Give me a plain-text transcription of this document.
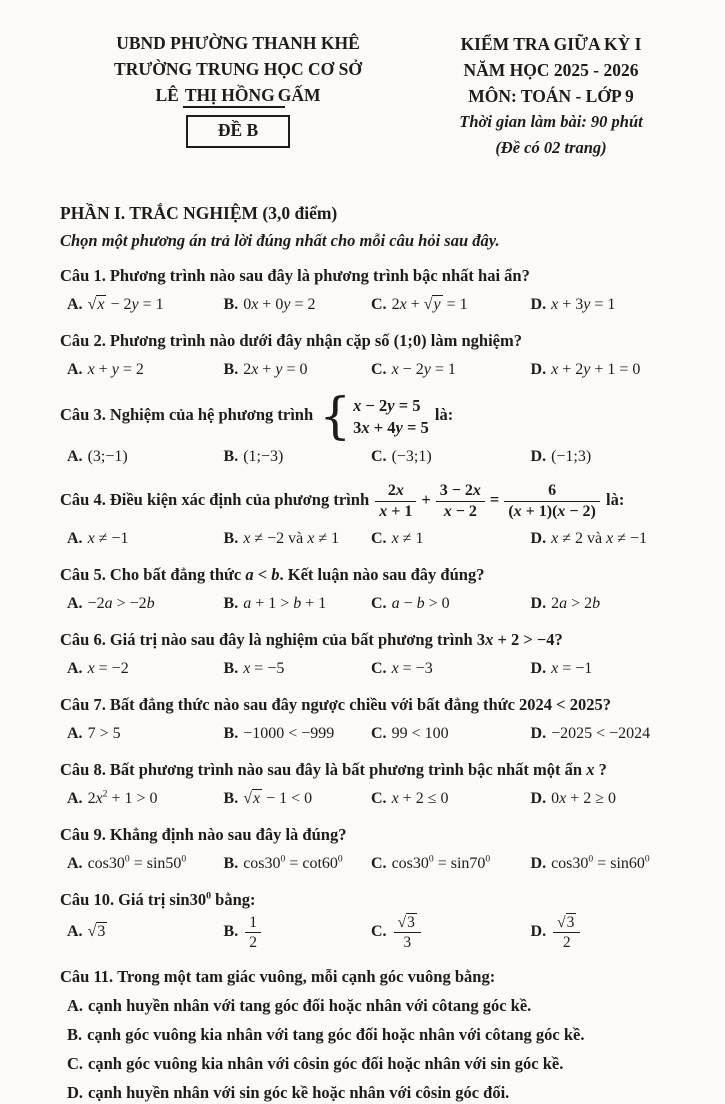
UBND PHƯỜNG THANH KHÊ
TRƯỜNG TRUNG HỌC CƠ SỞ
LÊ THỊ HỒNG GẤM
ĐỀ B
KIỂM TRA GIỮA KỲ I
NĂM HỌC 2025 - 2026
MÔN: TOÁN - LỚP 9
Thời gian làm bài: 90 phút
(Đề có 02 trang)
PHẦN I. TRẮC NGHIỆM (3,0 điểm)
Chọn một phương án trả lời đúng nhất cho mỗi câu hỏi sau đây.
Câu 1. Phương trình nào sau đây là phương trình bậc nhất hai ẩn?
A. √x − 2y = 1	B. 0x + 0y = 2	C. 2x + √y = 1	D. x + 3y = 1
Câu 2. Phương trình nào dưới đây nhận cặp số (1;0) làm nghiệm?
A. x + y = 2	B. 2x + y = 0	C. x − 2y = 1	D. x + 2y + 1 = 0
Câu 3. Nghiệm của hệ phương trình { x − 2y = 5
3x + 4y = 5
là:
A. (3;−1)	B. (1;−3)	C. (−3;1)	D. (−1;3)
Câu 4. Điều kiện xác định của phương trình $\frac{2x}{x + 1} + \frac{3 - 2x}{x - 2} = \frac{6}{(x + 1)(x - 2)}$ là:
A. x ≠ −1	B. x ≠ −2 và x ≠ 1	C. x ≠ 1	D. x ≠ 2 và x ≠ −1
Câu 5. Cho bất đẳng thức a < b. Kết luận nào sau đây đúng?
A. −2a > −2b	B. a + 1 > b + 1	C. a − b > 0	D. 2a > 2b
Câu 6. Giá trị nào sau đây là nghiệm của bất phương trình 3x + 2 > −4?
A. x = −2	B. x = −5	C. x = −3	D. x = −1
Câu 7. Bất đẳng thức nào sau đây ngược chiều với bất đẳng thức 2024 < 2025?
A. 7 > 5	B. −1000 < −999	C. 99 < 100	D. −2025 < −2024
Câu 8. Bất phương trình nào sau đây là bất phương trình bậc nhất một ẩn x ?
A. $2x^2 + 1 > 0$	B. √x − 1 < 0	C. x + 2 ≤ 0	D. 0x + 2 ≥ 0
Câu 9. Khẳng định nào sau đây là đúng?
A. $\cos 30^0 = \sin 50^0$	B. $\cos 30^0 = \cot 60^0$	C. $\cos 30^0 = \sin 70^0$	D. $\cos 30^0 = \sin 60^0$
Câu 10. Giá trị $\sin 30^0$ bằng:
A. √3	B. $\frac{1}{2}$	C. $\frac{√3}{3}$	D. $\frac{√3}{2}$
Câu 11. Trong một tam giác vuông, mỗi cạnh góc vuông bằng:
A. cạnh huyền nhân với tang góc đối hoặc nhân với côtang góc kề.
B. cạnh góc vuông kia nhân với tang góc đối hoặc nhân với côtang góc kề.
C. cạnh góc vuông kia nhân với côsin góc đối hoặc nhân với sin góc kề.
D. cạnh huyền nhân với sin góc kề hoặc nhân với côsin góc đối.
